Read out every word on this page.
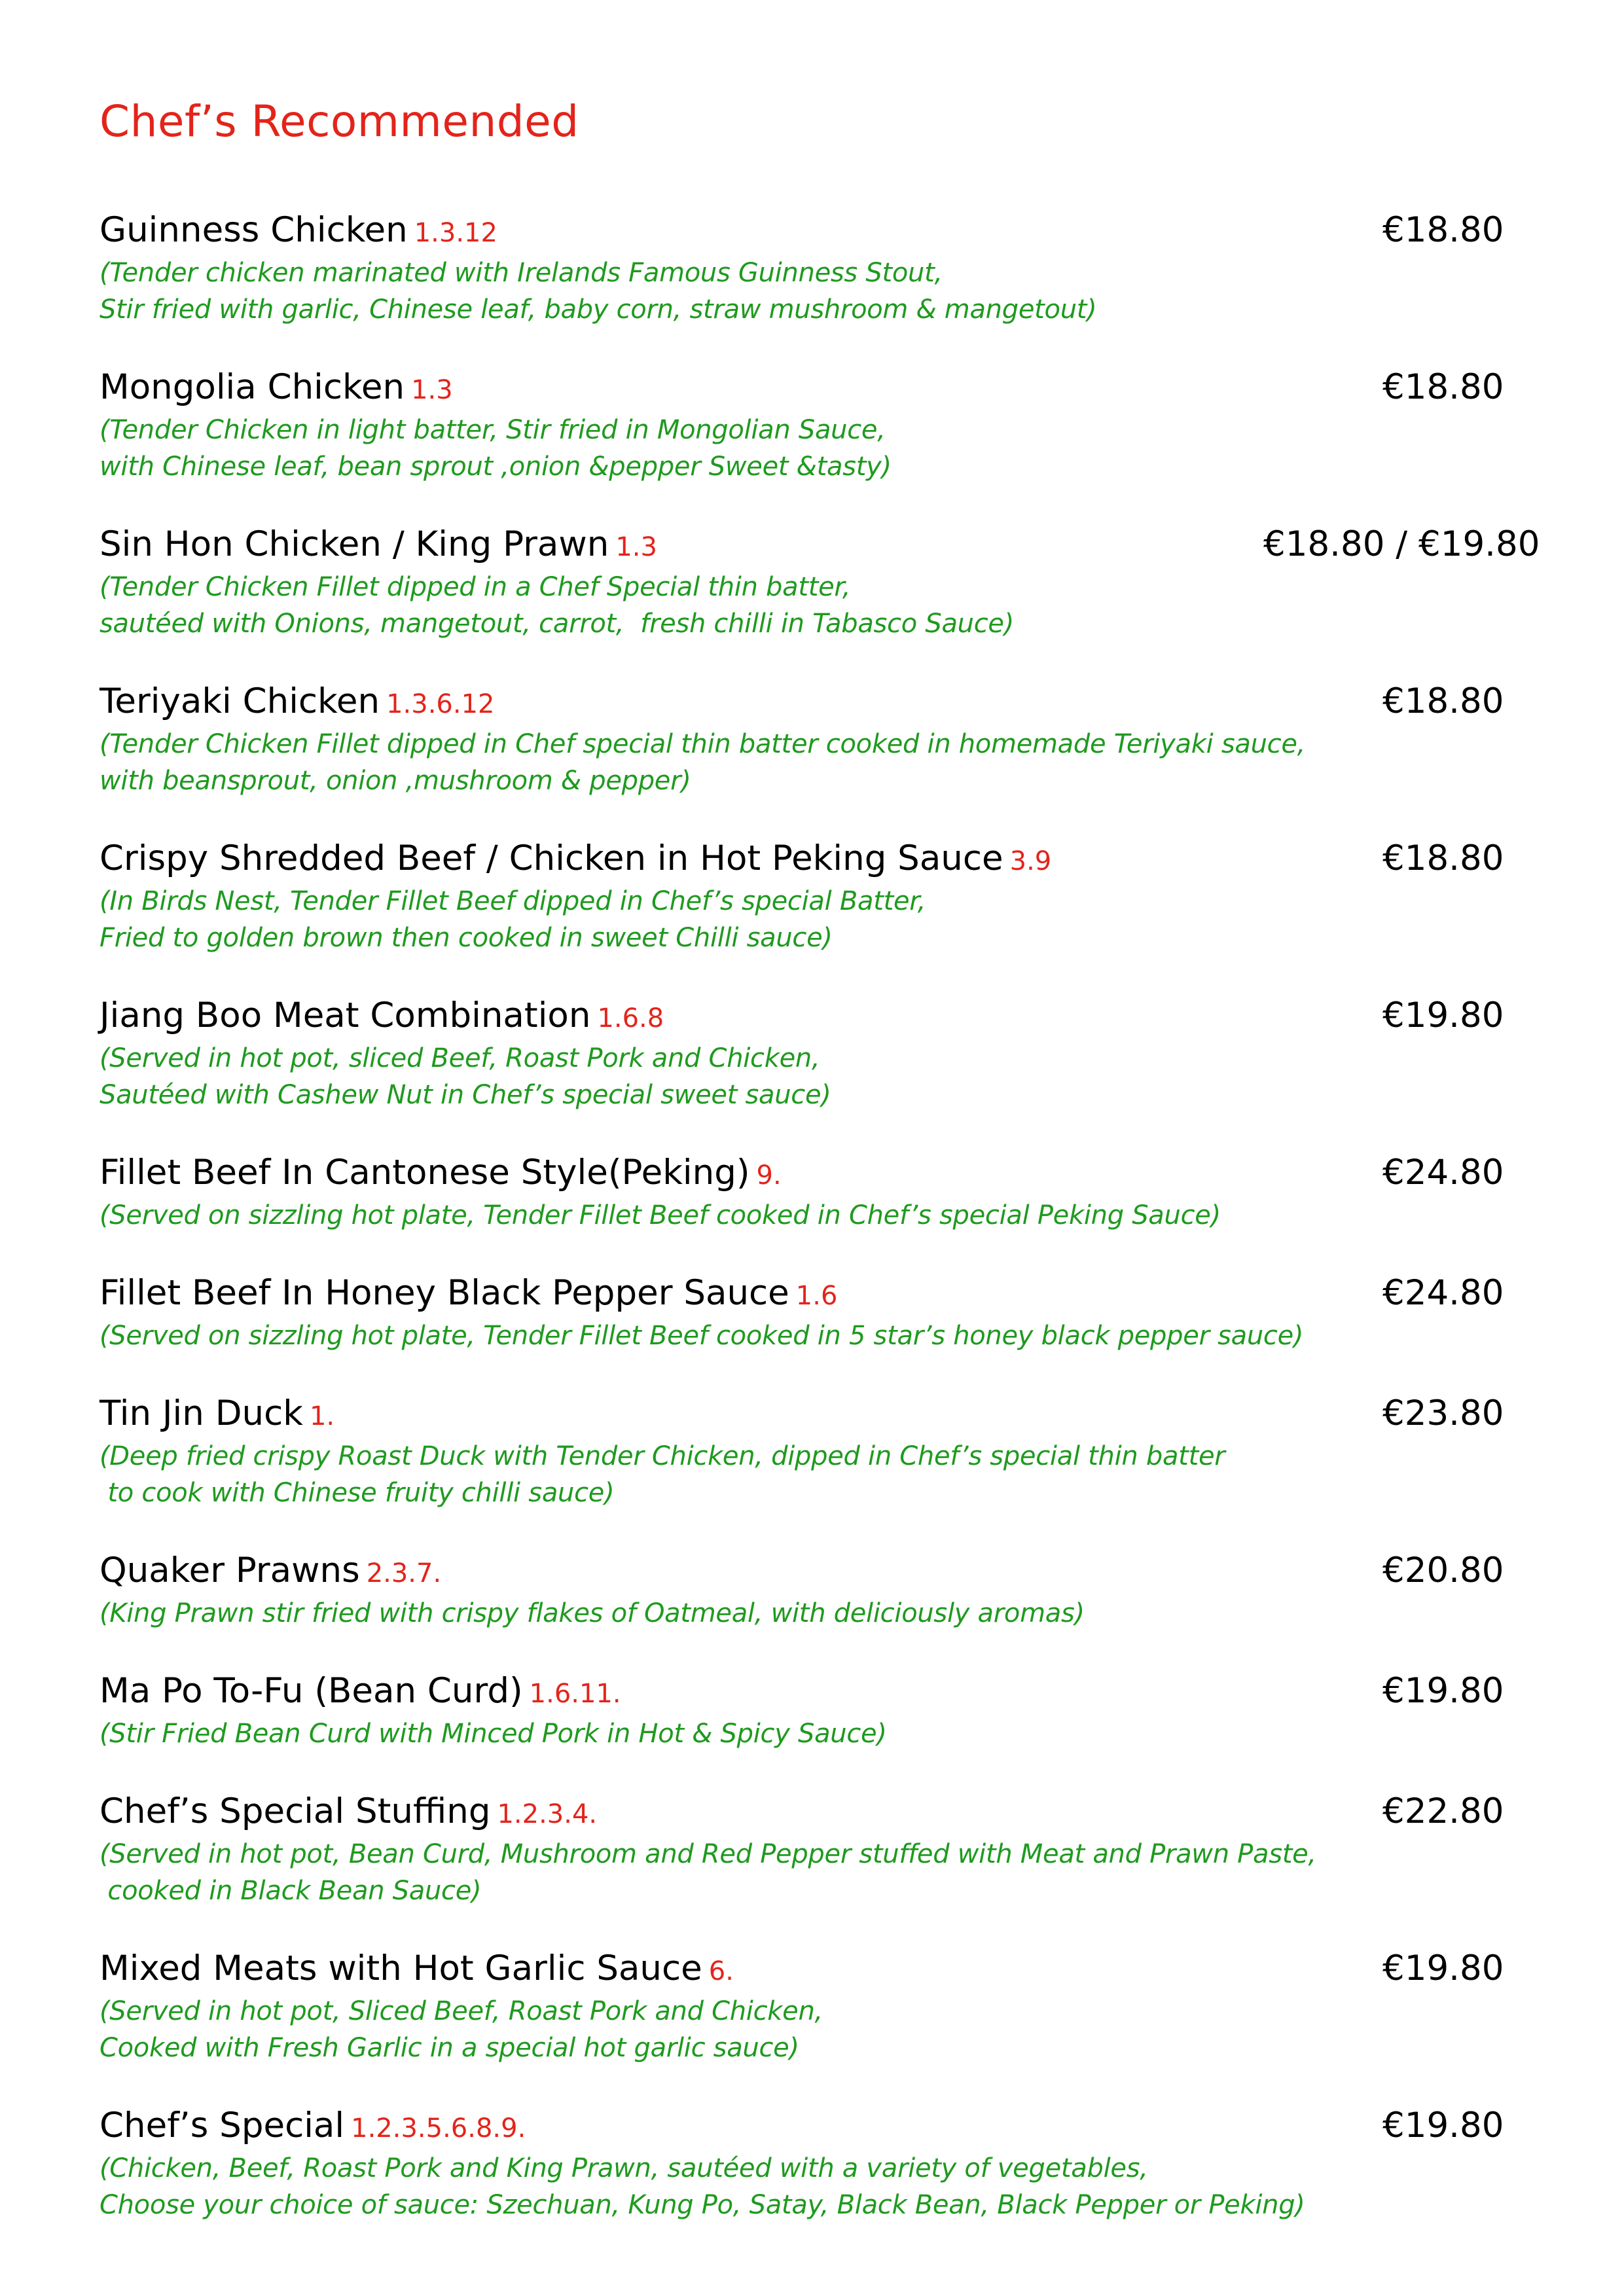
Chef’s Recommended
Guinness Chicken 1.3.12	€18.80
(Tender chicken marinated with Irelands Famous Guinness Stout,
Stir fried with garlic, Chinese leaf, baby corn, straw mushroom & mangetout)
Mongolia Chicken 1.3	€18.80
(Tender Chicken in light batter, Stir fried in Mongolian Sauce,
with Chinese leaf, bean sprout ,onion &pepper Sweet &tasty)
Sin Hon Chicken / King Prawn 1.3	€18.80 / €19.80
(Tender Chicken Fillet dipped in a Chef Special thin batter,
sautéed with Onions, mangetout, carrot,  fresh chilli in Tabasco Sauce)
Teriyaki Chicken 1.3.6.12	€18.80
(Tender Chicken Fillet dipped in Chef special thin batter cooked in homemade Teriyaki sauce,
with beansprout, onion ,mushroom & pepper)
Crispy Shredded Beef / Chicken in Hot Peking Sauce 3.9	€18.80
(In Birds Nest, Tender Fillet Beef dipped in Chef’s special Batter,
Fried to golden brown then cooked in sweet Chilli sauce)
Jiang Boo Meat Combination 1.6.8	€19.80
(Served in hot pot, sliced Beef, Roast Pork and Chicken,
Sautéed with Cashew Nut in Chef’s special sweet sauce)
Fillet Beef In Cantonese Style(Peking) 9.	€24.80
(Served on sizzling hot plate, Tender Fillet Beef cooked in Chef’s special Peking Sauce)
Fillet Beef In Honey Black Pepper Sauce 1.6	€24.80
(Served on sizzling hot plate, Tender Fillet Beef cooked in 5 star’s honey black pepper sauce)
Tin Jin Duck 1.	€23.80
(Deep fried crispy Roast Duck with Tender Chicken, dipped in Chef’s special thin batter
to cook with Chinese fruity chilli sauce)
Quaker Prawns 2.3.7.	€20.80
(King Prawn stir fried with crispy flakes of Oatmeal, with deliciously aromas)
Ma Po To-Fu (Bean Curd) 1.6.11.	€19.80
(Stir Fried Bean Curd with Minced Pork in Hot & Spicy Sauce)
Chef’s Special Stuffing 1.2.3.4.	€22.80
(Served in hot pot, Bean Curd, Mushroom and Red Pepper stuffed with Meat and Prawn Paste,
cooked in Black Bean Sauce)
Mixed Meats with Hot Garlic Sauce 6.	€19.80
(Served in hot pot, Sliced Beef, Roast Pork and Chicken,
Cooked with Fresh Garlic in a special hot garlic sauce)
Chef’s Special 1.2.3.5.6.8.9.	€19.80
(Chicken, Beef, Roast Pork and King Prawn, sautéed with a variety of vegetables,
Choose your choice of sauce: Szechuan, Kung Po, Satay, Black Bean, Black Pepper or Peking)
